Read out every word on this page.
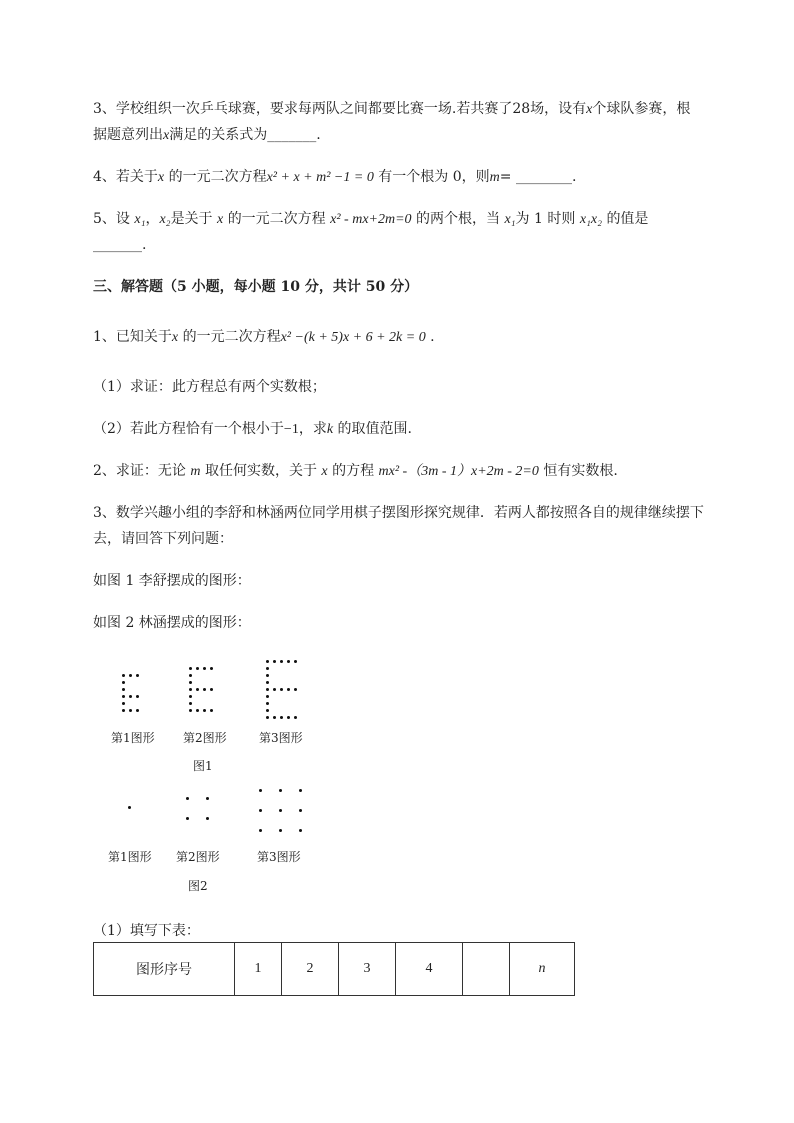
3、学校组织一次乒乓球赛，要求每两队之间都要比赛一场.若共赛了28场，设有x个球队参赛，根
据题意列出x满足的关系式为_______.
4、若关于x 的一元二次方程x² + x + m² −1 = 0 有一个根为 0，则m= ________.
5、设 x₁，x₂是关于 x 的一元二次方程 x² - mx+2m=0 的两个根，当 x₁为 1 时则 x₁x₂ 的值是
_______.
三、解答题（5 小题，每小题 10 分，共计 50 分）
1、已知关于x 的一元二次方程x² −(k + 5)x + 6 + 2k = 0 .
（1）求证：此方程总有两个实数根；
（2）若此方程恰有一个根小于−1，求k 的取值范围.
2、求证：无论 m 取任何实数，关于 x 的方程 mx² -（3m - 1）x+2m - 2=0 恒有实数根.
3、数学兴趣小组的李舒和林涵两位同学用棋子摆图形探究规律．若两人都按照各自的规律继续摆下
去，请回答下列问题：
如图 1 李舒摆成的图形：
如图 2 林涵摆成的图形：
第1图形 第2图形	第3图形
图1
第1图形 第2图形	第3图形
图2
（1）填写下表：
图形序号	1	2	3	4		n
